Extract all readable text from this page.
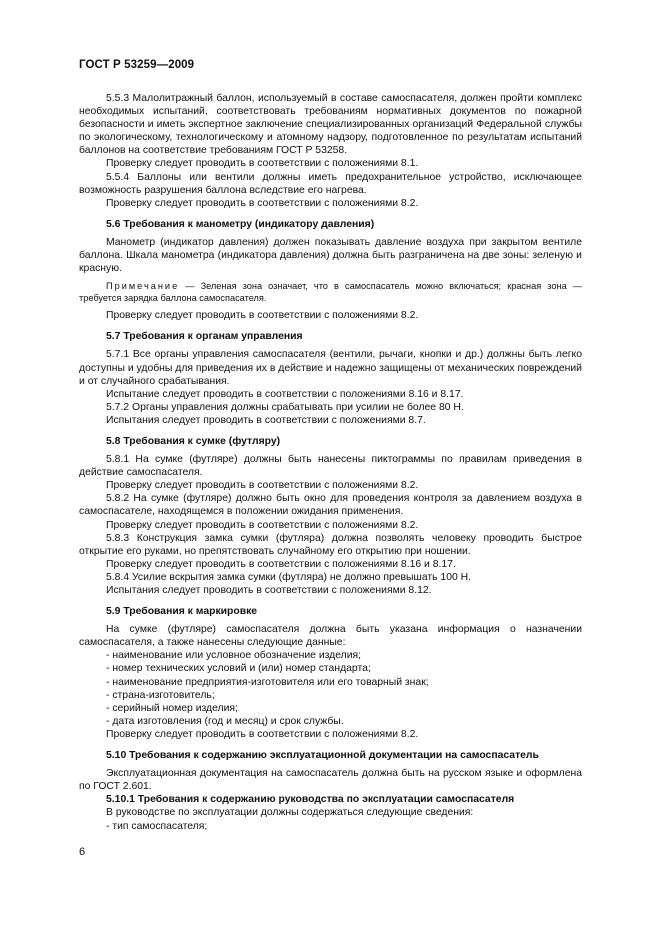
ГОСТ Р 53259—2009

5.5.3 Малолитражный баллон, используемый в составе самоспасателя, должен пройти комплекс необходимых испытаний, соответствовать требованиям нормативных документов по пожарной безопасности и иметь экспертное заключение специализированных организаций Федеральной службы по экологическому, технологическому и атомному надзору, подготовленное по результатам испытаний баллонов на соответствие требованиям ГОСТ Р 53258.

Проверку следует проводить в соответствии с положениями 8.1.

5.5.4 Баллоны или вентили должны иметь предохранительное устройство, исключающее возможность разрушения баллона вследствие его нагрева.

Проверку следует проводить в соответствии с положениями 8.2.

5.6 Требования к манометру (индикатору давления)

Манометр (индикатор давления) должен показывать давление воздуха при закрытом вентиле баллона. Шкала манометра (индикатора давления) должна быть разграничена на две зоны: зеленую и красную.

Примечание — Зеленая зона означает, что в самоспасатель можно включаться; красная зона — требуется зарядка баллона самоспасателя.

Проверку следует проводить в соответствии с положениями 8.2.

5.7 Требования к органам управления

5.7.1 Все органы управления самоспасателя (вентили, рычаги, кнопки и др.) должны быть легко доступны и удобны для приведения их в действие и надежно защищены от механических повреждений и от случайного срабатывания.

Испытание следует проводить в соответствии с положениями 8.16 и 8.17.

5.7.2 Органы управления должны срабатывать при усилии не более 80 Н.

Испытания следует проводить в соответствии с положениями 8.7.

5.8 Требования к сумке (футляру)

5.8.1 На сумке (футляре) должны быть нанесены пиктограммы по правилам приведения в действие самоспасателя.

Проверку следует проводить в соответствии с положениями 8.2.

5.8.2 На сумке (футляре) должно быть окно для проведения контроля за давлением воздуха в самоспасателе, находящемся в положении ожидания применения.

Проверку следует проводить в соответствии с положениями 8.2.

5.8.3 Конструкция замка сумки (футляра) должна позволять человеку проводить быстрое открытие его руками, но препятствовать случайному его открытию при ношении.

Проверку следует проводить в соответствии с положениями 8.16 и 8.17.

5.8.4 Усилие вскрытия замка сумки (футляра) не должно превышать 100 Н.

Испытания следует проводить в соответствии с положениями 8.12.

5.9 Требования к маркировке

На сумке (футляре) самоспасателя должна быть указана информация о назначении самоспасателя, а также нанесены следующие данные:

- наименование или условное обозначение изделия;

- номер технических условий и (или) номер стандарта;

- наименование предприятия-изготовителя или его товарный знак;

- страна-изготовитель;

- серийный номер изделия;

- дата изготовления (год и месяц) и срок службы.

Проверку следует проводить в соответствии с положениями 8.2.

5.10 Требования к содержанию эксплуатационной документации на самоспасатель

Эксплуатационная документация на самоспасатель должна быть на русском языке и оформлена по ГОСТ 2.601.

5.10.1 Требования к содержанию руководства по эксплуатации самоспасателя

В руководстве по эксплуатации должны содержаться следующие сведения:

- тип самоспасателя;

6
